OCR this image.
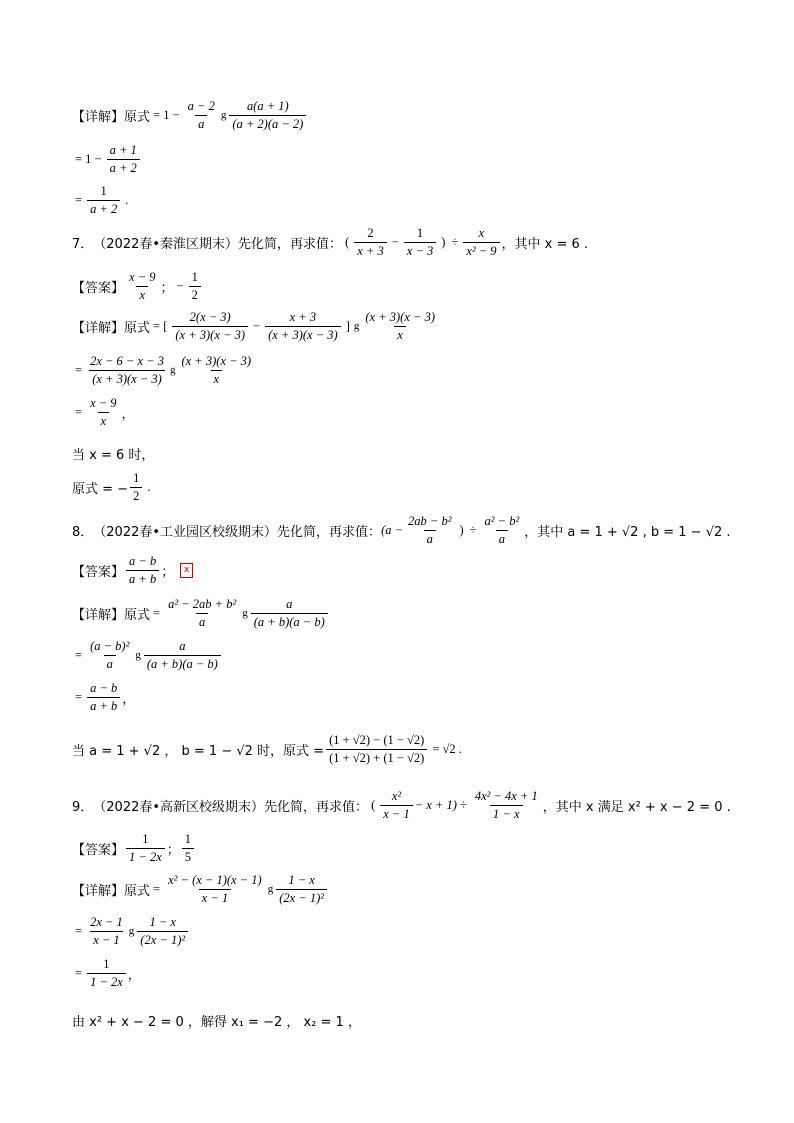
【详解】 原式 = $1 - \frac{a - 2}{a}$ g $\frac{a(a + 1)}{(a + 2)(a - 2)}$
= $1 - \frac{a + 1}{a + 2}$
= $\frac{1}{a + 2}$ .
7． （2022春•秦淮区期末） 先化简，再求值： ( $\frac{2}{x + 3} - \frac{1}{x - 3}$ ) ÷ $\frac{x}{\text{x² − 9}}$ ，其中 x = 6 .
【答案】 $\frac{x - 9}{x}$ ； − $\frac{1}{2}$
【详解】 原式 = [ $\frac{2(x - 3)}{(x + 3)(x - 3)} - \frac{x + 3}{(x + 3)(x - 3)}$ ] g $\frac{(x + 3)(x - 3)}{x}$
= $\frac{2x - 6 - x - 3}{(x + 3)(x - 3)}$ g $\frac{(x + 3)(x - 3)}{x}$
= $\frac{x - 9}{x}$ ，
当 x = 6 时，
原式 = − $\frac{1}{2}$ .
8． （2022春•工业园区校级期末） 先化简，再求值： ($a - \frac{\text{2ab − b²}}{a}$ ) ÷ $\frac{\text{a² − b²}}{a}$ ，其中 a = 1 + √2 , b = 1 − √2 .
【答案】 $\frac{a - b}{a + b}$ ；	x
【详解】 原式 = $\frac{\text{a² − 2ab + b²}}{a}$ g $\frac{a}{(a + b)(a - b)}$
= $\frac{\text{(a − b)²}}{a}$ g $\frac{a}{(a + b)(a - b)}$
= $\frac{a - b}{a + b}$ ，
当 a = 1 + √2 ， b = 1 − √2 时，原式 = $\frac{(1 + √2) - (1 - √2)}{(1 + √2) + (1 - √2)} = √2$ .
9． （2022春•高新区校级期末） 先化简，再求值： ( $\frac{\text{x²}}{x - 1} - x + 1) \div \frac{\text{4x² − 4x + 1}}{1 - x}$ ，其中 x 满足 x² + x − 2 = 0 .
【答案】 $\frac{1}{1 - 2x}$ ； $\frac{1}{5}$
【详解】 原式 = $\frac{\text{x² − (x − 1)(x − 1)}}{x - 1}$ g $\frac{1 - x}{\text{(2x − 1)²}}$
= $\frac{2x - 1}{x - 1}$ g $\frac{1 - x}{\text{(2x − 1)²}}$
= $\frac{1}{1 - 2x}$ ，
由 x² + x − 2 = 0 ，解得 x₁ = −2 ， x₂ = 1 ，
